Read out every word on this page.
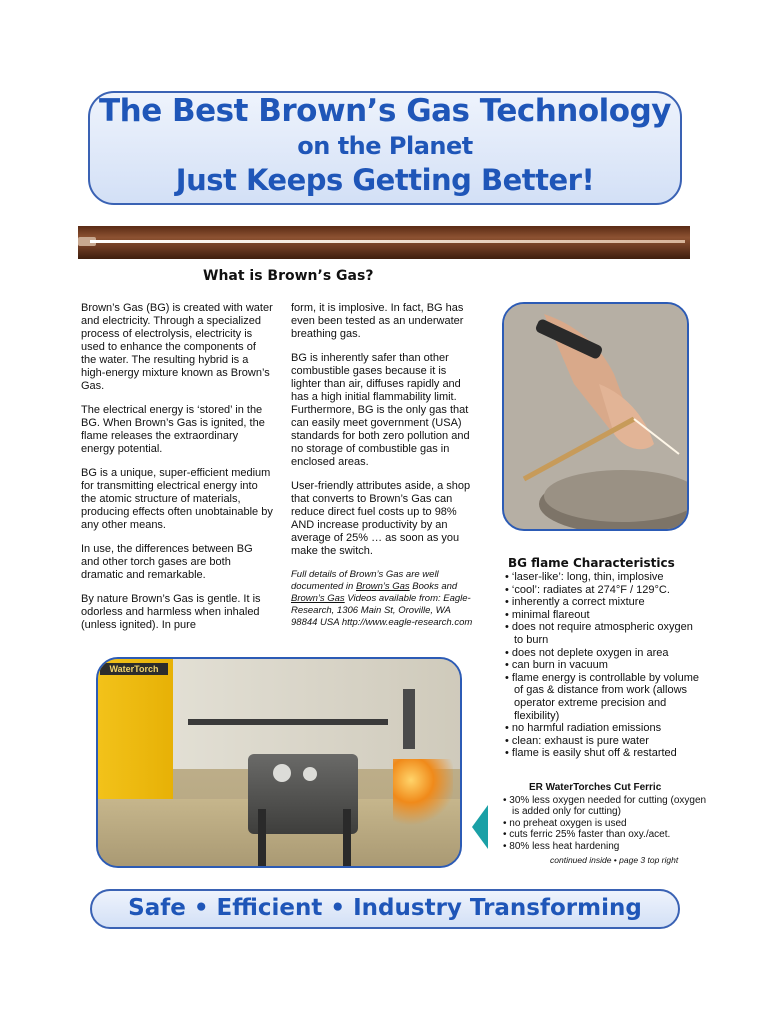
The Best Brown’s Gas Technology
on the Planet
Just Keeps Getting Better!
What is Brown’s Gas?

Brown’s Gas (BG) is created with water and electricity. Through a specialized process of electrolysis, electricity is used to enhance the components of the water. The resulting hybrid is a high-energy mixture known as Brown’s Gas.

The electrical energy is ‘stored’ in the BG. When Brown’s Gas is ignited, the flame releases the extraordinary energy potential.

BG is a unique, super-efficient medium for transmitting electrical energy into the atomic structure of materials, producing effects often unobtainable by any other means.

In use, the differences between BG and other torch gases are both dramatic and remarkable.

By nature Brown’s Gas is gentle. It is odorless and harmless when inhaled (unless ignited). In pure

form, it is implosive. In fact, BG has even been tested as an underwater breathing gas.

BG is inherently safer than other combustible gases because it is lighter than air, diffuses rapidly and has a high initial flammability limit. Furthermore, BG is the only gas that can easily meet government (USA) standards for both zero pollution and no storage of combustible gas in enclosed areas.

User-friendly attributes aside, a shop that converts to Brown’s Gas can reduce direct fuel costs up to 98% AND increase productivity by an average of 25% … as soon as you make the switch.

Full details of Brown’s Gas are well documented in Brown’s Gas Books and Brown’s Gas Videos available from: Eagle-Research, 1306 Main St, Oroville, WA 98844 USA http://www.eagle-research.com

WaterTorch
BG flame Characteristics
• ‘laser-like’: long, thin, implosive
• ‘cool’: radiates at 274°F / 129°C.
• inherently a correct mixture
• minimal flareout
• does not require atmospheric oxygen to burn
• does not deplete oxygen in area
• can burn in vacuum
• flame energy is controllable by volume of gas & distance from work (allows operator extreme precision and flexibility)
• no harmful radiation emissions
• clean: exhaust is pure water
• flame is easily shut off & restarted
ER WaterTorches Cut Ferric
• 30% less oxygen needed for cutting (oxygen is added only for cutting)
• no preheat oxygen is used
• cuts ferric 25% faster than oxy./acet.
• 80% less heat hardening
continued inside • page 3 top right
Safe • Efficient • Industry Transforming
